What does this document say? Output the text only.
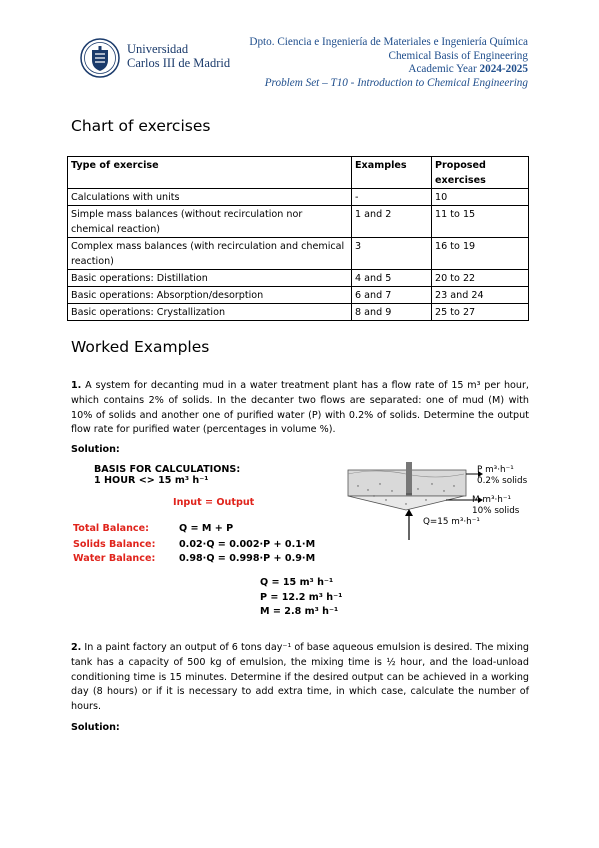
Universidad
Carlos III de Madrid
Dpto. Ciencia e Ingeniería de Materiales e Ingeniería Química
Chemical Basis of Engineering
Academic Year 2024-2025
Problem Set – T10 - Introduction to Chemical Engineering
Chart of exercises
Type of exercise	Examples	Proposed exercises
Calculations with units	-	10
Simple mass balances (without recirculation nor chemical reaction)	1 and 2	11 to 15
Complex mass balances (with recirculation and chemical reaction)	3	16 to 19
Basic operations: Distillation	4 and 5	20 to 22
Basic operations: Absorption/desorption	6 and 7	23 and 24
Basic operations: Crystallization	8 and 9	25 to 27
Worked Examples
1. A system for decanting mud in a water treatment plant has a flow rate of 15 m³ per hour, which contains 2% of solids. In the decanter two flows are separated: one of mud (M) with 10% of solids and another one of purified water (P) with 0.2% of solids. Determine the output flow rate for purified water (percentages in volume %).
Solution:
BASIS FOR CALCULATIONS:
1 HOUR <> 15 m³ h⁻¹
Input = Output
Total Balance:	Q = M + P
Solids Balance: 0.02·Q = 0.002·P + 0.1·M
Water Balance: 0.98·Q = 0.998·P + 0.9·M
Q = 15 m³ h⁻¹
P = 12.2 m³ h⁻¹
M = 2.8 m³ h⁻¹
P m³·h⁻¹
0.2% solids
M m³·h⁻¹
10% solids
Q=15 m³·h⁻¹
2. In a paint factory an output of 6 tons day⁻¹ of base aqueous emulsion is desired. The mixing tank has a capacity of 500 kg of emulsion, the mixing time is ½ hour, and the load-unload conditioning time is 15 minutes. Determine if the desired output can be achieved in a working day (8 hours) or if it is necessary to add extra time, in which case, calculate the number of hours.
Solution:
